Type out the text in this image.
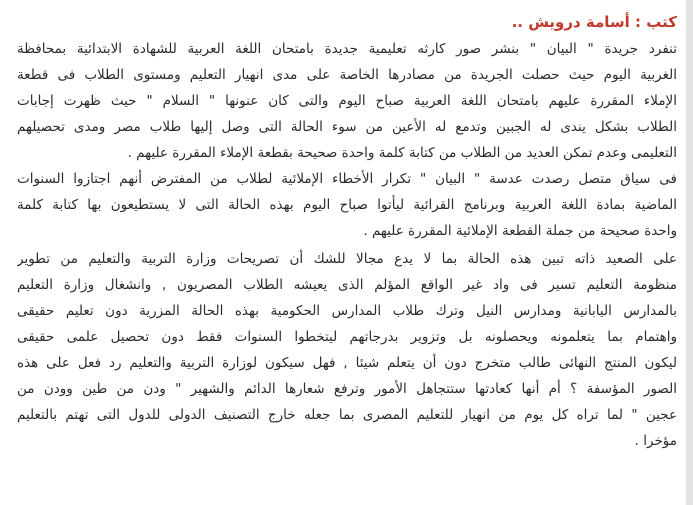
كتب : أسامة درويش ..

تنفرد جريدة " البيان " بنشر صور كارثه تعليمية جديدة بامتحان اللغة العربية للشهادة الابتدائية بمحافظة

الغربية اليوم حيث حصلت الجريدة من مصادرها الخاصة على مدى انهيار التعليم ومستوى الطلاب فى قطعة

الإملاء المقررة عليهم بامتحان اللغة العربية صباح اليوم والتى كان عنونها " السلام " حيث ظهرت إجابات

الطلاب بشكل يندى له الجبين وتدمع له الأعين من سوء الحالة التى وصل إليها طلاب مصر ومدى تحصيلهم

التعليمى وعدم تمكن العديد من الطلاب من كتابة كلمة واحدة صحيحة بقطعة الإملاء المقررة عليهم .

فى سياق متصل رصدت عدسة " البيان " تكرار الأخطاء الإملائية لطلاب من المفترض أنهم اجتازوا السنوات

الماضية بمادة اللغة العربية وبرنامج القرائية ليأتوا صباح اليوم بهذه الحالة التى لا يستطيعون بها كتابة كلمة

واحدة صحيحة من جملة القطعة الإملائية المقررة عليهم .

على الصعيد ذاته تبين هذه الحالة بما لا يدع مجالا للشك أن تصريحات وزارة التربية والتعليم من تطوير

منظومة التعليم تسير فى واد غير الواقع المؤلم الذى يعيشه الطلاب المصريون , وانشغال وزارة التعليم

بالمدارس اليابانية ومدارس النيل وترك طلاب المدارس الحكومية بهذه الحالة المزرية دون تعليم حقيقى

واهتمام بما يتعلمونه ويحصلونه بل وتزوير بدرجاتهم ليتخطوا السنوات فقط دون تحصيل علمى حقيقى

ليكون المنتج النهائى طالب متخرج دون أن يتعلم شيئا , فهل سيكون لوزارة التربية والتعليم رد فعل على هذه

الصور المؤسفة ؟ أم أنها كعادتها ستتجاهل الأمور وترفع شعارها الدائم والشهير " ودن من طين وودن من

عجين " لما تراه كل يوم من انهيار للتعليم المصرى بما جعله خارج التصنيف الدولى للدول التى تهتم بالتعليم

مؤخرا .
